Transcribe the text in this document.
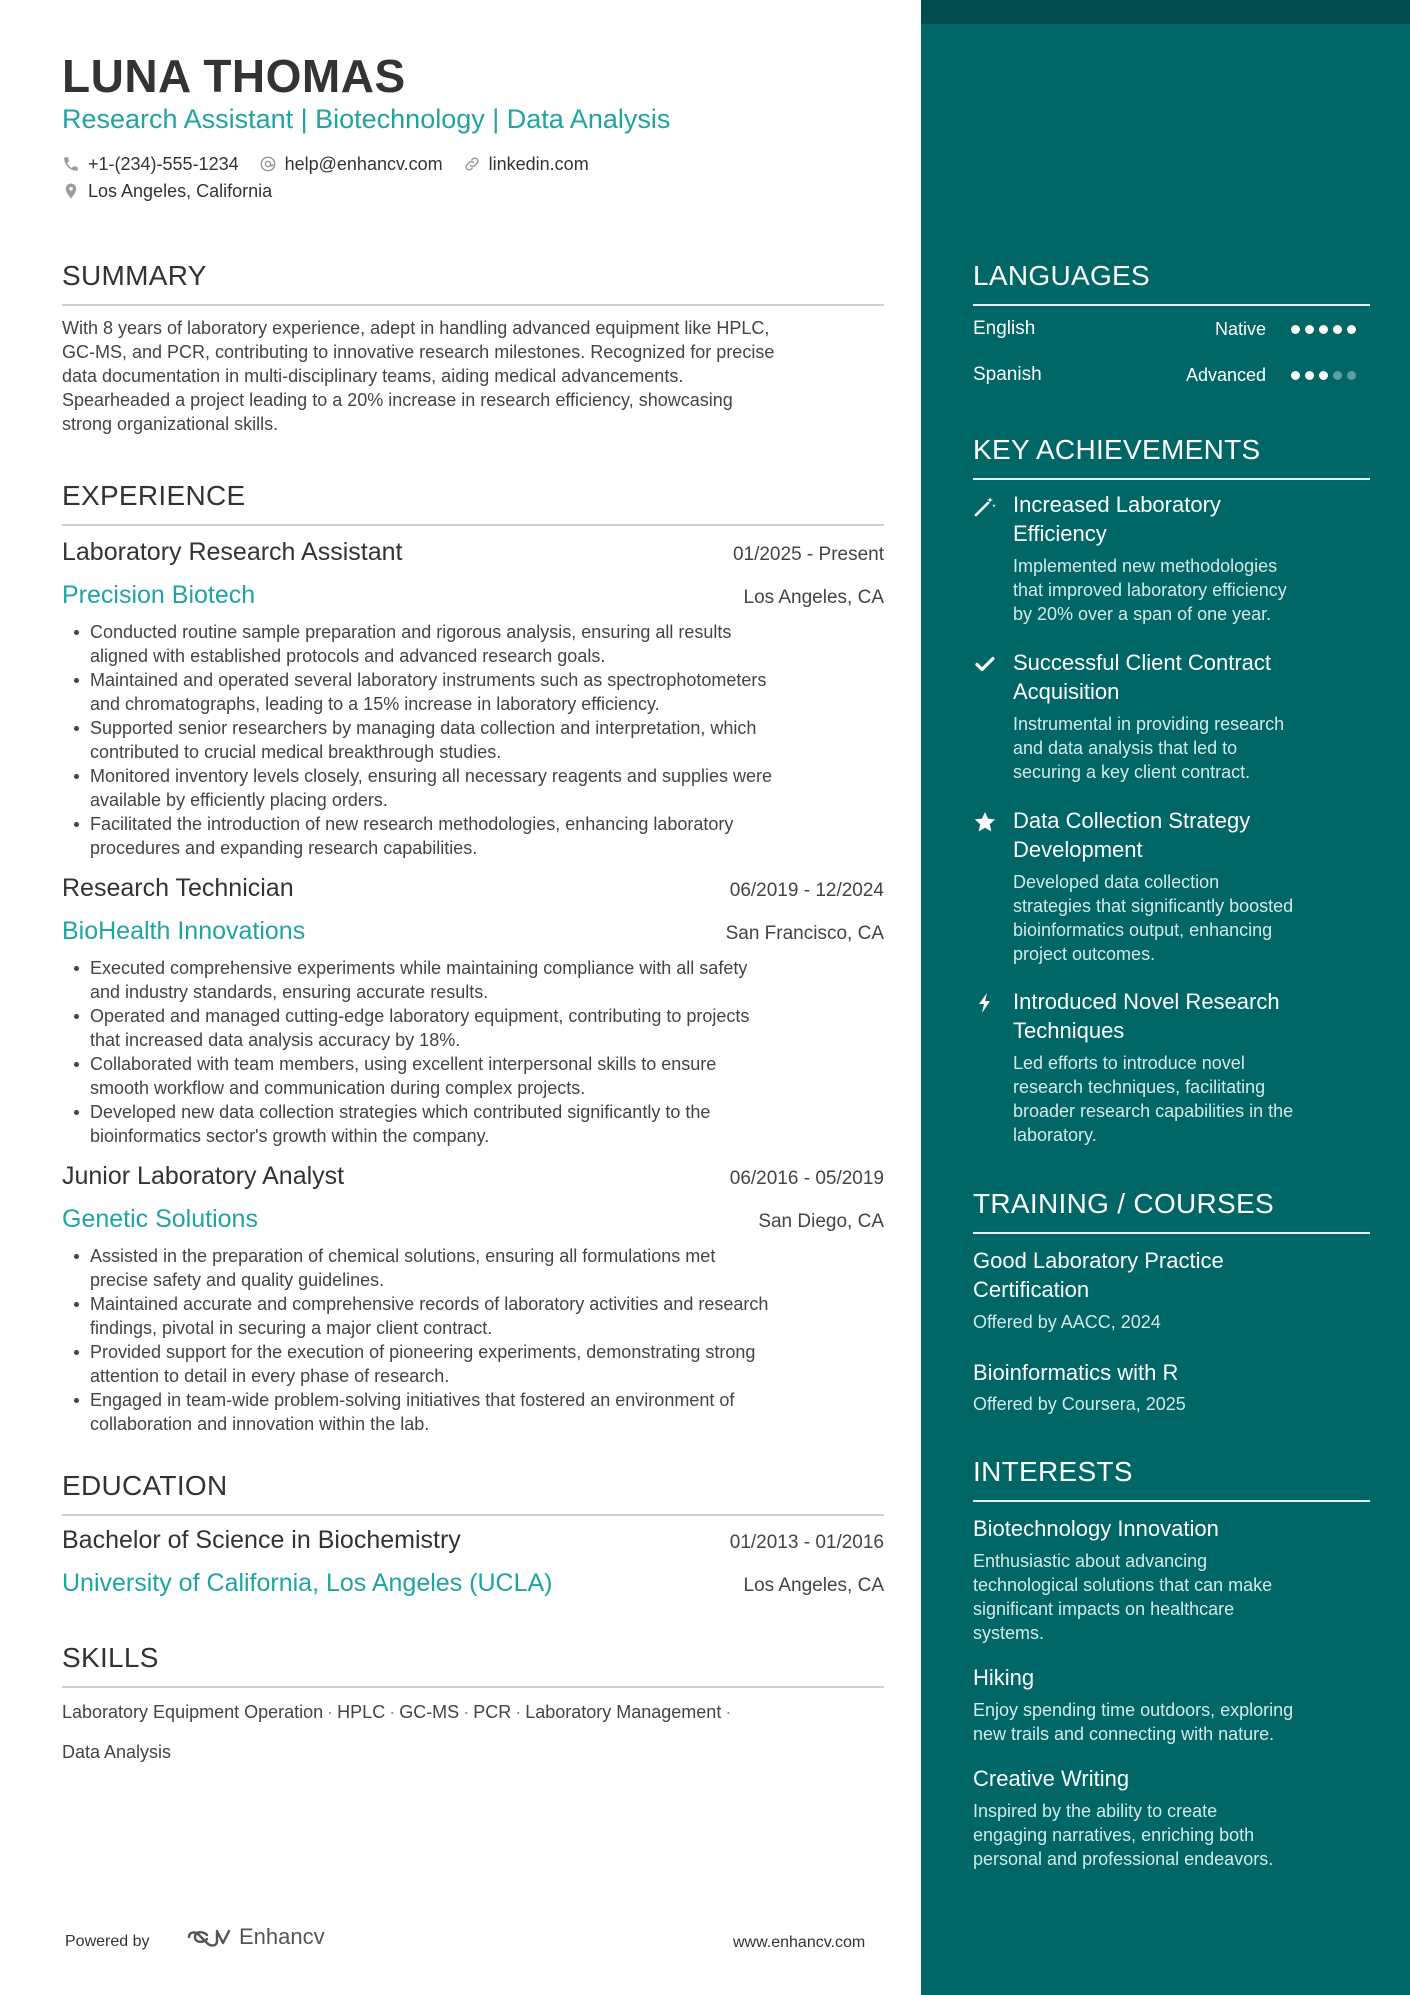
LUNA THOMAS
Research Assistant | Biotechnology | Data Analysis
+1-(234)-555-1234	help@enhancv.com	linkedin.com
Los Angeles, California
SUMMARY
With 8 years of laboratory experience, adept in handling advanced equipment like HPLC,
GC-MS, and PCR, contributing to innovative research milestones. Recognized for precise
data documentation in multi-disciplinary teams, aiding medical advancements.
Spearheaded a project leading to a 20% increase in research efficiency, showcasing
strong organizational skills.
EXPERIENCE
Laboratory Research Assistant	01/2025 - Present
Precision Biotech	Los Angeles, CA
Conducted routine sample preparation and rigorous analysis, ensuring all results
aligned with established protocols and advanced research goals.
Maintained and operated several laboratory instruments such as spectrophotometers
and chromatographs, leading to a 15% increase in laboratory efficiency.
Supported senior researchers by managing data collection and interpretation, which
contributed to crucial medical breakthrough studies.
Monitored inventory levels closely, ensuring all necessary reagents and supplies were
available by efficiently placing orders.
Facilitated the introduction of new research methodologies, enhancing laboratory
procedures and expanding research capabilities.
Research Technician	06/2019 - 12/2024
BioHealth Innovations	San Francisco, CA
Executed comprehensive experiments while maintaining compliance with all safety
and industry standards, ensuring accurate results.
Operated and managed cutting-edge laboratory equipment, contributing to projects
that increased data analysis accuracy by 18%.
Collaborated with team members, using excellent interpersonal skills to ensure
smooth workflow and communication during complex projects.
Developed new data collection strategies which contributed significantly to the
bioinformatics sector's growth within the company.
Junior Laboratory Analyst	06/2016 - 05/2019
Genetic Solutions	San Diego, CA
Assisted in the preparation of chemical solutions, ensuring all formulations met
precise safety and quality guidelines.
Maintained accurate and comprehensive records of laboratory activities and research
findings, pivotal in securing a major client contract.
Provided support for the execution of pioneering experiments, demonstrating strong
attention to detail in every phase of research.
Engaged in team-wide problem-solving initiatives that fostered an environment of
collaboration and innovation within the lab.
EDUCATION
Bachelor of Science in Biochemistry	01/2013 - 01/2016
University of California, Los Angeles (UCLA)	Los Angeles, CA
SKILLS
Laboratory Equipment Operation · HPLC · GC-MS · PCR · Laboratory Management ·
Data Analysis
Powered by	Enhancv	www.enhancv.com
LANGUAGES
English	Native
Spanish	Advanced
KEY ACHIEVEMENTS
Increased Laboratory
Efficiency
Implemented new methodologies
that improved laboratory efficiency
by 20% over a span of one year.
Successful Client Contract
Acquisition
Instrumental in providing research
and data analysis that led to
securing a key client contract.
Data Collection Strategy
Development
Developed data collection
strategies that significantly boosted
bioinformatics output, enhancing
project outcomes.
Introduced Novel Research
Techniques
Led efforts to introduce novel
research techniques, facilitating
broader research capabilities in the
laboratory.
TRAINING / COURSES
Good Laboratory Practice
Certification
Offered by AACC, 2024
Bioinformatics with R
Offered by Coursera, 2025
INTERESTS
Biotechnology Innovation
Enthusiastic about advancing
technological solutions that can make
significant impacts on healthcare
systems.
Hiking
Enjoy spending time outdoors, exploring
new trails and connecting with nature.
Creative Writing
Inspired by the ability to create
engaging narratives, enriching both
personal and professional endeavors.
